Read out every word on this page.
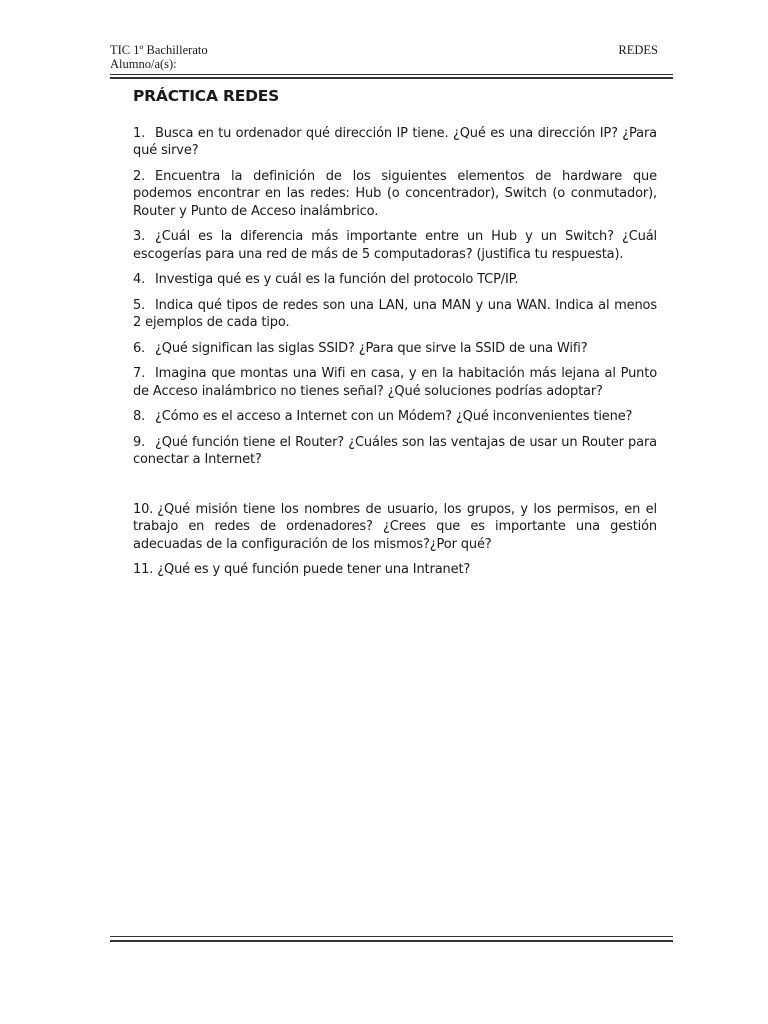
TIC 1º Bachillerato
Alumno/a(s):
REDES
PRÁCTICA REDES

1. Busca en tu ordenador qué dirección IP tiene. ¿Qué es una dirección IP? ¿Para qué sirve?

2. Encuentra la definición de los siguientes elementos de hardware que podemos encontrar en las redes: Hub (o concentrador), Switch (o conmutador), Router y Punto de Acceso inalámbrico.

3. ¿Cuál es la diferencia más importante entre un Hub y un Switch? ¿Cuál escogerías para una red de más de 5 computadoras? (justifica tu respuesta).

4. Investiga qué es y cuál es la función del protocolo TCP/IP.

5. Indica qué tipos de redes son una LAN, una MAN y una WAN. Indica al menos 2 ejemplos de cada tipo.

6. ¿Qué significan las siglas SSID? ¿Para que sirve la SSID de una Wifi?

7. Imagina que montas una Wifi en casa, y en la habitación más lejana al Punto de Acceso inalámbrico no tienes señal? ¿Qué soluciones podrías adoptar?

8. ¿Cómo es el acceso a Internet con un Módem? ¿Qué inconvenientes tiene?

9. ¿Qué función tiene el Router? ¿Cuáles son las ventajas de usar un Router para conectar a Internet?

10. ¿Qué misión tiene los nombres de usuario, los grupos, y los permisos, en el trabajo en redes de ordenadores? ¿Crees que es importante una gestión adecuadas de la configuración de los mismos?¿Por qué?

11. ¿Qué es y qué función puede tener una Intranet?
